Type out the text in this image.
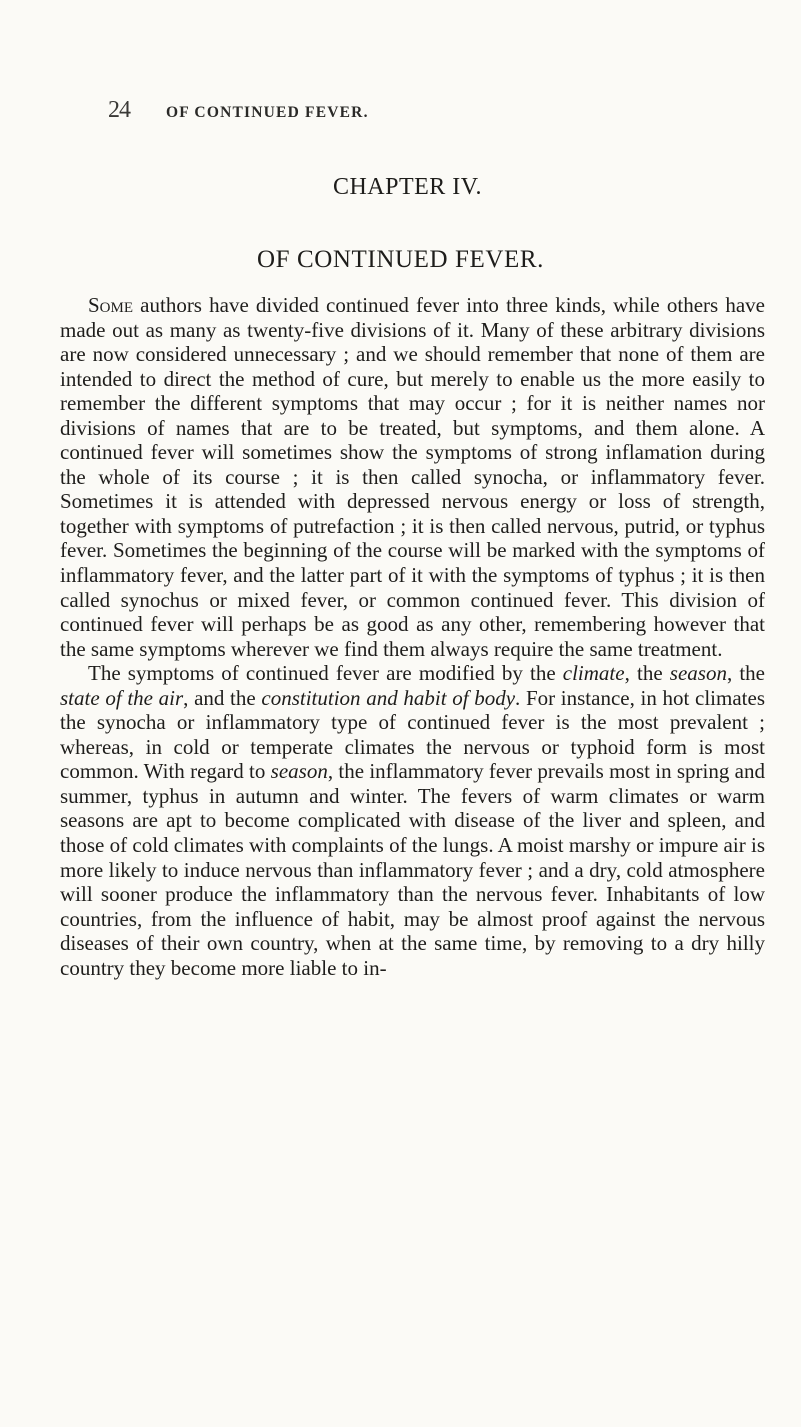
24 OF CONTINUED FEVER.
CHAPTER IV.
OF CONTINUED FEVER.

Some authors have divided continued fever into three kinds, while others have made out as many as twenty-five divisions of it. Many of these arbitrary divisions are now considered unnecessary ; and we should remember that none of them are intended to direct the method of cure, but merely to enable us the more easily to remember the different symptoms that may occur ; for it is neither names nor divisions of names that are to be treated, but symptoms, and them alone. A continued fever will sometimes show the symptoms of strong inflamation during the whole of its course ; it is then called synocha, or inflammatory fever. Sometimes it is attended with depressed nervous energy or loss of strength, together with symptoms of putrefaction ; it is then called nervous, putrid, or typhus fever. Sometimes the beginning of the course will be marked with the symptoms of inflammatory fever, and the latter part of it with the symptoms of typhus ; it is then called synochus or mixed fever, or common continued fever. This division of continued fever will perhaps be as good as any other, remembering however that the same symptoms wherever we find them always require the same treatment.

The symptoms of continued fever are modified by the climate, the season, the state of the air, and the constitution and habit of body. For instance, in hot climates the synocha or inflammatory type of continued fever is the most prevalent ; whereas, in cold or temperate climates the nervous or typhoid form is most common. With regard to season, the inflammatory fever prevails most in spring and summer, typhus in autumn and winter. The fevers of warm climates or warm seasons are apt to become complicated with disease of the liver and spleen, and those of cold climates with complaints of the lungs. A moist marshy or impure air is more likely to induce nervous than inflammatory fever ; and a dry, cold atmosphere will sooner produce the inflammatory than the nervous fever. Inhabitants of low countries, from the influence of habit, may be almost proof against the nervous diseases of their own country, when at the same time, by removing to a dry hilly country they become more liable to in-
